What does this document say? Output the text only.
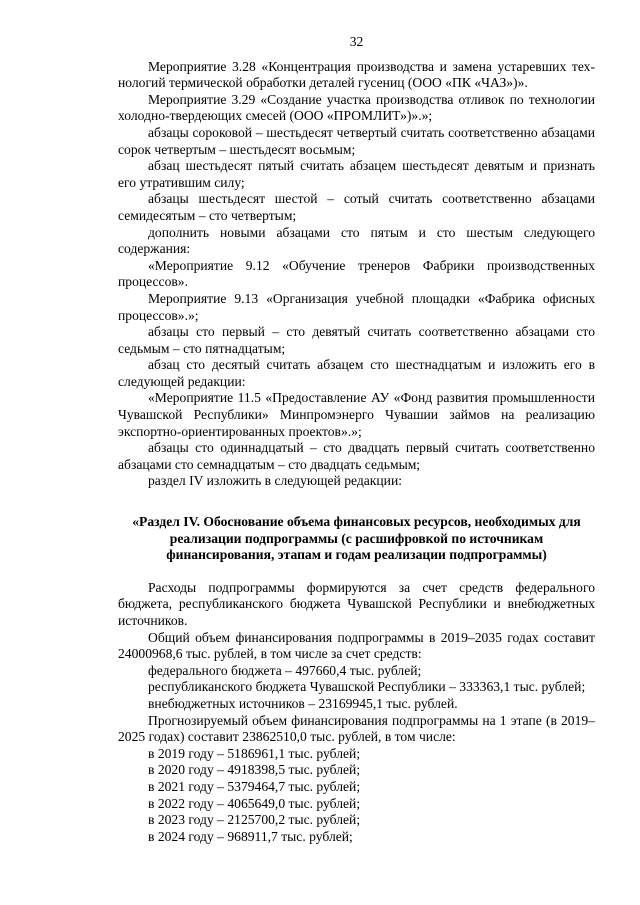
32

Мероприятие 3.28 «Концентрация производства и замена устаревших технологий термической обработки деталей гусениц (ООО «ПК «ЧАЗ»)».

Мероприятие 3.29 «Создание участка производства отливок по технологии холодно-твердеющих смесей (ООО «ПРОМЛИТ»)».»;

абзацы сороковой – шестьдесят четвертый считать соответственно абзацами сорок четвертым – шестьдесят восьмым;

абзац шестьдесят пятый считать абзацем шестьдесят девятым и признать его утратившим силу;

абзацы шестьдесят шестой – сотый считать соответственно абзацами семидесятым – сто четвертым;

дополнить новыми абзацами сто пятым и сто шестым следующего содержания:

«Мероприятие 9.12 «Обучение тренеров Фабрики производственных процессов».

Мероприятие 9.13 «Организация учебной площадки «Фабрика офисных процессов».»;

абзацы сто первый – сто девятый считать соответственно абзацами сто седьмым – сто пятнадцатым;

абзац сто десятый считать абзацем сто шестнадцатым и изложить его в следующей редакции:

«Мероприятие 11.5 «Предоставление АУ «Фонд развития промышленности Чувашской Республики» Минпромэнерго Чувашии займов на реализацию экспортно-ориентированных проектов».»;

абзацы сто одиннадцатый – сто двадцать первый считать соответственно абзацами сто семнадцатым – сто двадцать седьмым;

раздел IV изложить в следующей редакции:

«Раздел IV. Обоснование объема финансовых ресурсов, необходимых для реализации подпрограммы (с расшифровкой по источникам финансирования, этапам и годам реализации подпрограммы)

Расходы подпрограммы формируются за счет средств федерального бюджета, республиканского бюджета Чувашской Республики и внебюджетных источников.

Общий объем финансирования подпрограммы в 2019–2035 годах составит 24000968,6 тыс. рублей, в том числе за счет средств:

федерального бюджета – 497660,4 тыс. рублей;

республиканского бюджета Чувашской Республики – 333363,1 тыс. рублей;

внебюджетных источников – 23169945,1 тыс. рублей.

Прогнозируемый объем финансирования подпрограммы на 1 этапе (в 2019–2025 годах) составит 23862510,0 тыс. рублей, в том числе:

в 2019 году – 5186961,1 тыс. рублей;

в 2020 году – 4918398,5 тыс. рублей;

в 2021 году – 5379464,7 тыс. рублей;

в 2022 году – 4065649,0 тыс. рублей;

в 2023 году – 2125700,2 тыс. рублей;

в 2024 году – 968911,7 тыс. рублей;
